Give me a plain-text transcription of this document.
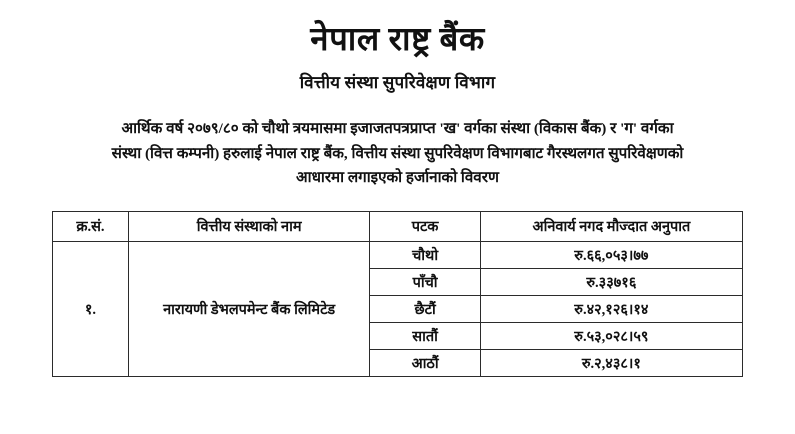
नेपाल राष्ट्र बैंक
वित्तीय संस्था सुपरिवेक्षण विभाग
आर्थिक वर्ष २०७९/८० को चौथो त्रयमासमा इजाजतपत्रप्राप्त 'ख' वर्गका संस्था (विकास बैंक) र 'ग' वर्गका
संस्था (वित्त कम्पनी) हरुलाई नेपाल राष्ट्र बैंक, वित्तीय संस्था सुपरिवेक्षण विभागबाट गैरस्थलगत सुपरिवेक्षणको
आधारमा लगाइएको हर्जानाको विवरण
क्र.सं.	वित्तीय संस्थाको नाम	पटक	अनिवार्य नगद मौज्दात अनुपात
१.	नारायणी डेभलपमेन्ट बैंक लिमिटेड	चौथो	रु.६६,०५३।७७
		पाँचौ	रु.३३७१६
		छैटौं	रु.४२,१२६।१४
		सातौं	रु.५३,०२८।५९
		आठौं	रु.२,४३८।१
